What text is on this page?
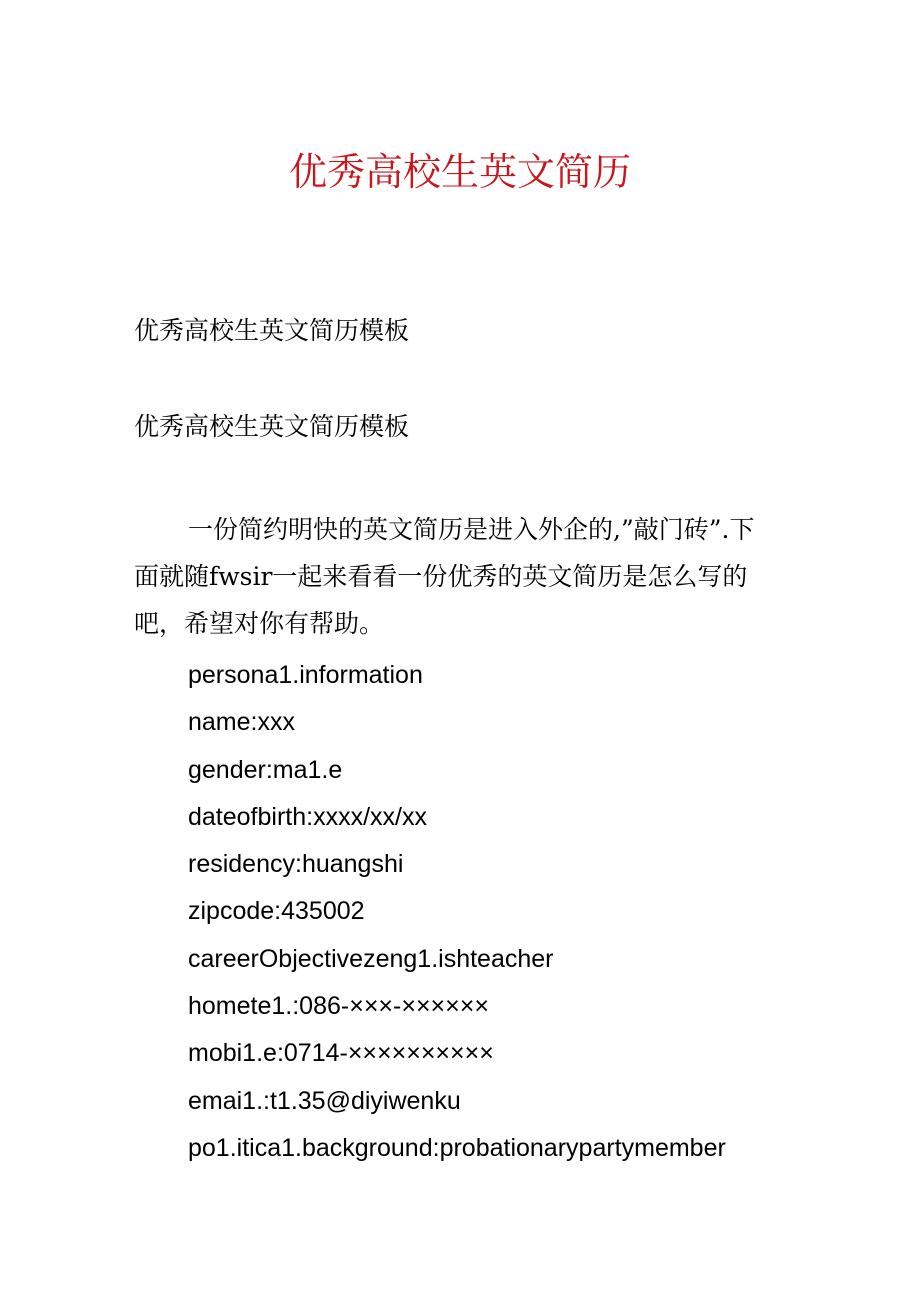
优秀高校生英文简历
优秀高校生英文简历模板
优秀高校生英文简历模板

一份简约明快的英文简历是进入外企的,”敲门砖”.下面就随fwsir一起来看看一份优秀的英文简历是怎么写的吧，希望对你有帮助。

persona1.information
name:xxx
gender:ma1.e
dateofbirth:xxxx/xx/xx
residency:huangshi
zipcode:435002
careerObjectivezeng1.ishteacher
homete1.:086-×××-××××××
mobi1.e:0714-××××××××××
emai1.:t1.35@diyiwenku
po1.itica1.background:probationarypartymember
